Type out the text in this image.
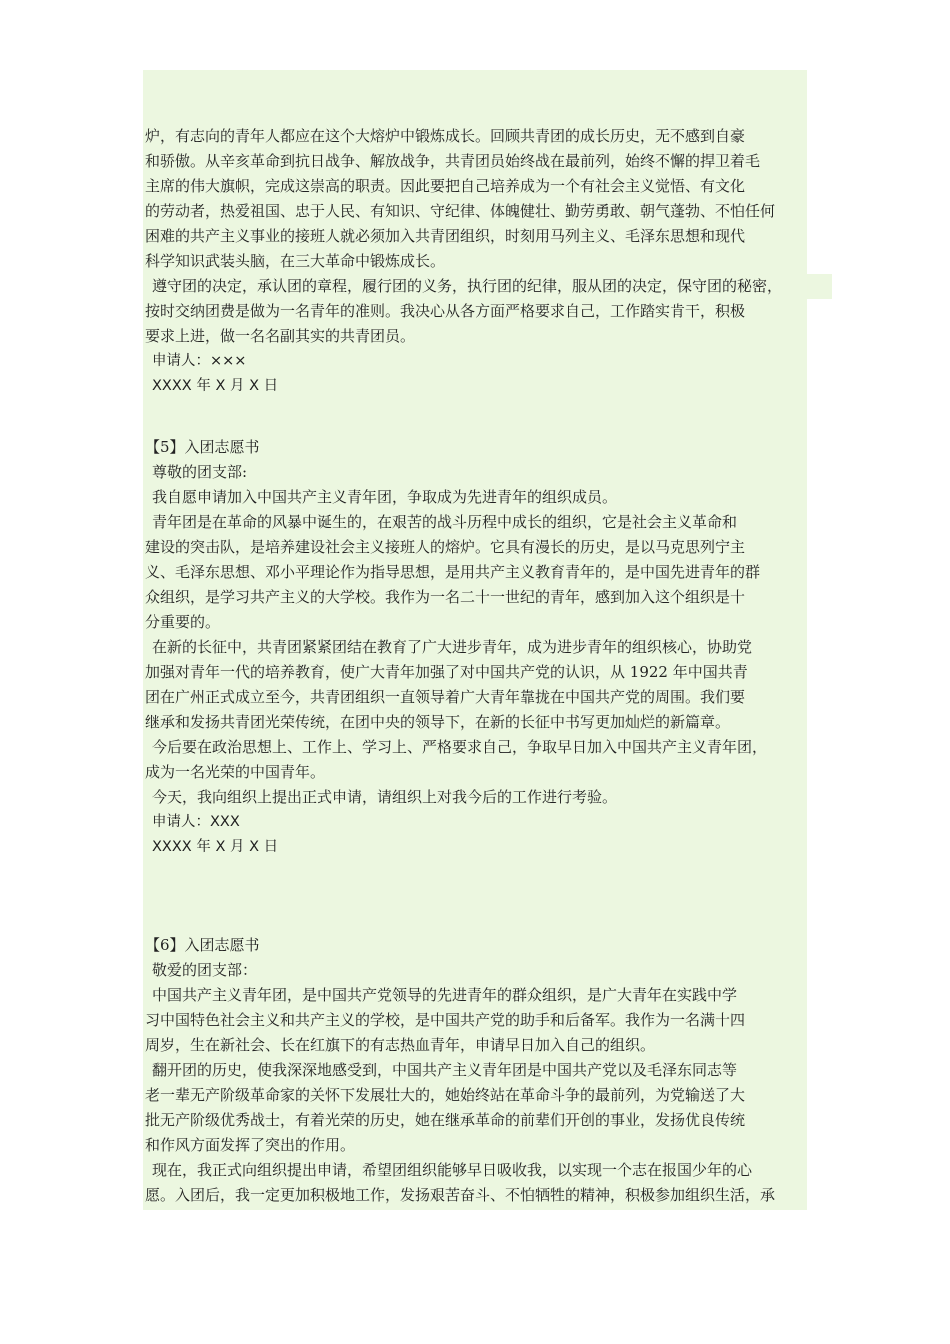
炉，有志向的青年人都应在这个大熔炉中锻炼成长。回顾共青团的成长历史，无不感到自豪
和骄傲。从辛亥革命到抗日战争、解放战争，共青团员始终战在最前列，始终不懈的捍卫着毛
主席的伟大旗帜，完成这崇高的职责。因此要把自己培养成为一个有社会主义觉悟、有文化
的劳动者，热爱祖国、忠于人民、有知识、守纪律、体魄健壮、勤劳勇敢、朝气蓬勃、不怕任何
困难的共产主义事业的接班人就必须加入共青团组织，时刻用马列主义、毛泽东思想和现代
科学知识武装头脑，在三大革命中锻炼成长。
遵守团的决定，承认团的章程，履行团的义务，执行团的纪律，服从团的决定，保守团的秘密，
按时交纳团费是做为一名青年的准则。我决心从各方面严格要求自己，工作踏实肯干，积极
要求上进，做一名名副其实的共青团员。
申请人：×××
XXXX 年 X 月 X 日
【5】入团志愿书
尊敬的团支部:
我自愿申请加入中国共产主义青年团，争取成为先进青年的组织成员。
青年团是在革命的风暴中诞生的，在艰苦的战斗历程中成长的组织，它是社会主义革命和
建设的突击队，是培养建设社会主义接班人的熔炉。它具有漫长的历史，是以马克思列宁主
义、毛泽东思想、邓小平理论作为指导思想，是用共产主义教育青年的，是中国先进青年的群
众组织，是学习共产主义的大学校。我作为一名二十一世纪的青年，感到加入这个组织是十
分重要的。
在新的长征中，共青团紧紧团结在教育了广大进步青年，成为进步青年的组织核心，协助党
加强对青年一代的培养教育，使广大青年加强了对中国共产党的认识，从 1922 年中国共青
团在广州正式成立至今，共青团组织一直领导着广大青年靠拢在中国共产党的周围。我们要
继承和发扬共青团光荣传统，在团中央的领导下，在新的长征中书写更加灿烂的新篇章。
今后要在政治思想上、工作上、学习上、严格要求自己，争取早日加入中国共产主义青年团，
成为一名光荣的中国青年。
今天，我向组织上提出正式申请，请组织上对我今后的工作进行考验。
申请人：XXX
XXXX 年 X 月 X 日
【6】入团志愿书
敬爱的团支部：
中国共产主义青年团，是中国共产党领导的先进青年的群众组织，是广大青年在实践中学
习中国特色社会主义和共产主义的学校，是中国共产党的助手和后备军。我作为一名满十四
周岁，生在新社会、长在红旗下的有志热血青年，申请早日加入自己的组织。
翻开团的历史，使我深深地感受到，中国共产主义青年团是中国共产党以及毛泽东同志等
老一辈无产阶级革命家的关怀下发展壮大的，她始终站在革命斗争的最前列，为党输送了大
批无产阶级优秀战士，有着光荣的历史，她在继承革命的前辈们开创的事业，发扬优良传统
和作风方面发挥了突出的作用。
现在，我正式向组织提出申请，希望团组织能够早日吸收我，以实现一个志在报国少年的心
愿。入团后，我一定更加积极地工作，发扬艰苦奋斗、不怕牺牲的精神，积极参加组织生活，承
